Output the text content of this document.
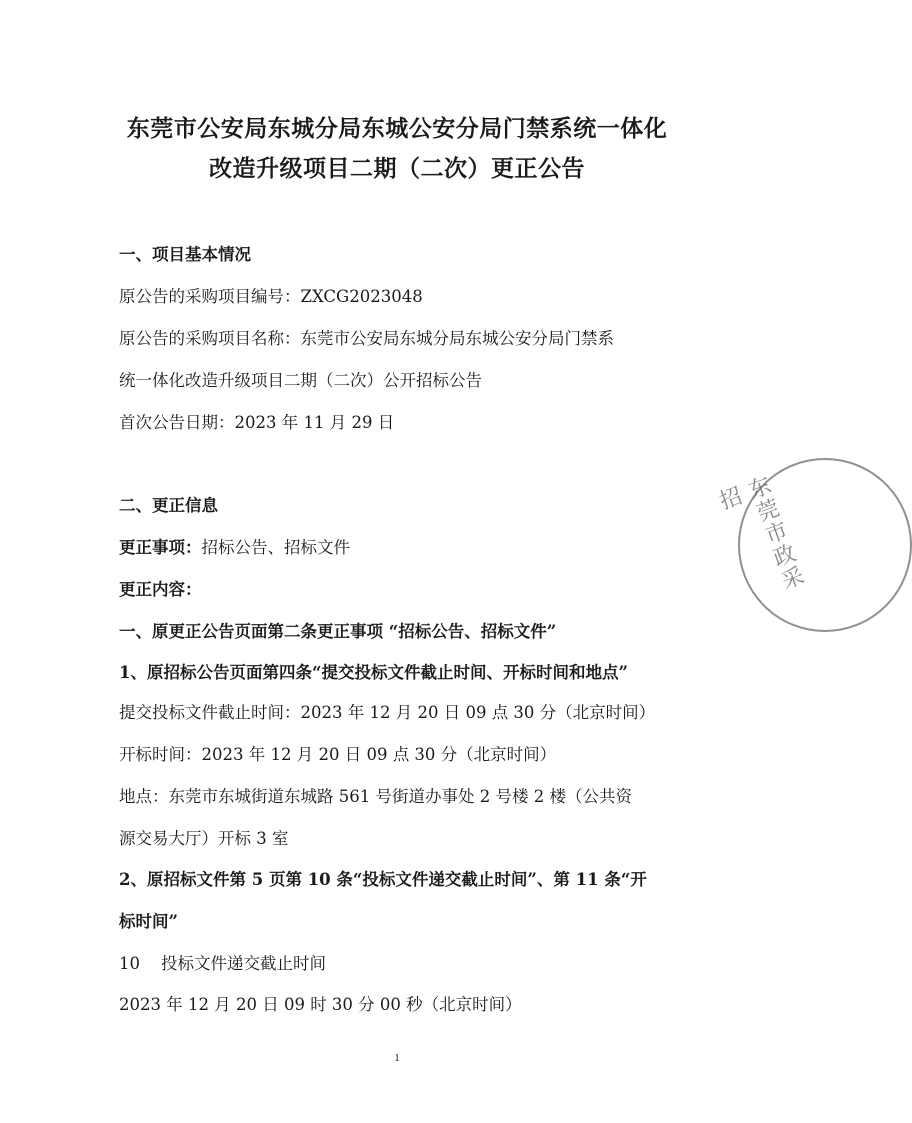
东莞市公安局东城分局东城公安分局门禁系统一体化
改造升级项目二期（二次）更正公告
一、项目基本情况
原公告的采购项目编号：ZXCG2023048
原公告的采购项目名称：东莞市公安局东城分局东城公安分局门禁系
统一体化改造升级项目二期（二次）公开招标公告
首次公告日期：2023 年 11 月 29 日
二、更正信息
更正事项：招标公告、招标文件
更正内容：
一、原更正公告页面第二条更正事项 “招标公告、招标文件”
1、原招标公告页面第四条“提交投标文件截止时间、开标时间和地点”
提交投标文件截止时间：2023 年 12 月 20 日 09 点 30 分（北京时间）
开标时间：2023 年 12 月 20 日 09 点 30 分（北京时间）
地点：东莞市东城街道东城路 561 号街道办事处 2 号楼 2 楼（公共资
源交易大厅）开标 3 室
2、原招标文件第 5 页第 10 条“投标文件递交截止时间”、第 11 条“开
标时间”
10    投标文件递交截止时间
2023 年 12 月 20 日 09 时 30 分 00 秒（北京时间）
东莞市政采招
1
